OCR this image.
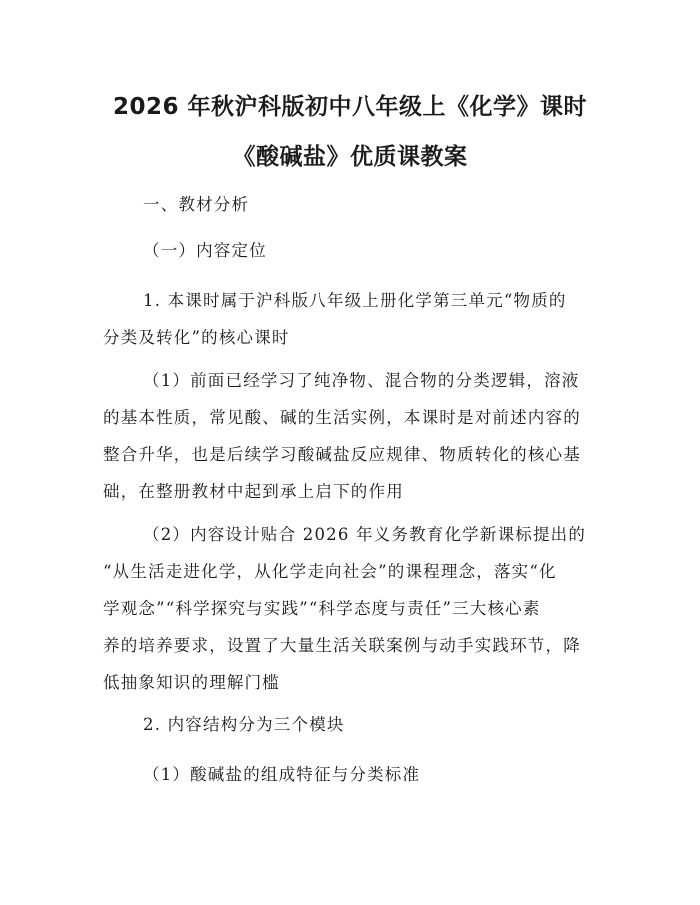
2026 年秋沪科版初中八年级上《化学》课时
《酸碱盐》优质课教案
一、教材分析
（一）内容定位
1. 本课时属于沪科版八年级上册化学第三单元“物质的
分类及转化”的核心课时
（1）前面已经学习了纯净物、混合物的分类逻辑，溶液
的基本性质，常见酸、碱的生活实例，本课时是对前述内容的
整合升华，也是后续学习酸碱盐反应规律、物质转化的核心基
础，在整册教材中起到承上启下的作用
（2）内容设计贴合 2026 年义务教育化学新课标提出的
“从生活走进化学，从化学走向社会”的课程理念，落实“化
学观念”“科学探究与实践”“科学态度与责任”三大核心素
养的培养要求，设置了大量生活关联案例与动手实践环节，降
低抽象知识的理解门槛
2. 内容结构分为三个模块
（1）酸碱盐的组成特征与分类标准
